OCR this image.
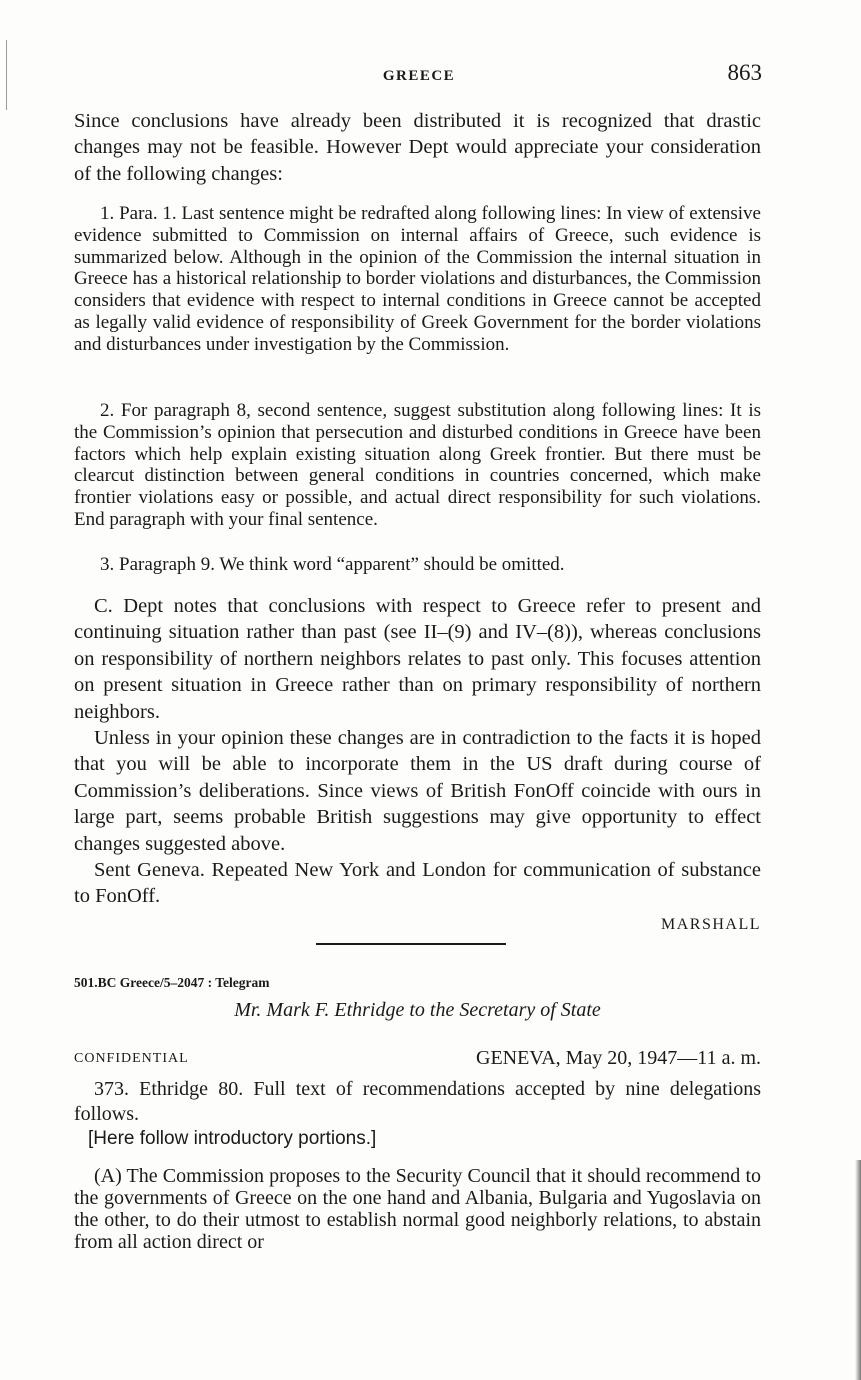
GREECE	863

Since conclusions have already been distributed it is recognized that drastic changes may not be feasible. However Dept would appreciate your consideration of the following changes:

1. Para. 1. Last sentence might be redrafted along following lines: In view of extensive evidence submitted to Commission on internal affairs of Greece, such evidence is summarized below. Although in the opinion of the Commission the internal situation in Greece has a historical relationship to border violations and disturbances, the Commission considers that evidence with respect to internal conditions in Greece cannot be accepted as legally valid evidence of responsibility of Greek Government for the border violations and disturbances under investigation by the Commission.

2. For paragraph 8, second sentence, suggest substitution along following lines: It is the Commission’s opinion that persecution and disturbed conditions in Greece have been factors which help explain existing situation along Greek frontier. But there must be clearcut distinction between general conditions in countries concerned, which make frontier violations easy or possible, and actual direct responsibility for such violations. End paragraph with your final sentence.

3. Paragraph 9. We think word “apparent” should be omitted.

C. Dept notes that conclusions with respect to Greece refer to present and continuing situation rather than past (see II–(9) and IV–(8)), whereas conclusions on responsibility of northern neighbors relates to past only. This focuses attention on present situation in Greece rather than on primary responsibility of northern neighbors.

Unless in your opinion these changes are in contradiction to the facts it is hoped that you will be able to incorporate them in the US draft during course of Commission’s deliberations. Since views of British FonOff coincide with ours in large part, seems probable British suggestions may give opportunity to effect changes suggested above.

Sent Geneva. Repeated New York and London for communication of substance to FonOff.

MARSHALL

501.BC Greece/5–2047 : Telegram

Mr. Mark F. Ethridge to the Secretary of State

CONFIDENTIAL	GENEVA, May 20, 1947—11 a. m.

373. Ethridge 80. Full text of recommendations accepted by nine delegations follows.

[Here follow introductory portions.]

(A) The Commission proposes to the Security Council that it should recommend to the governments of Greece on the one hand and Albania, Bulgaria and Yugoslavia on the other, to do their utmost to establish normal good neighborly relations, to abstain from all action direct or
